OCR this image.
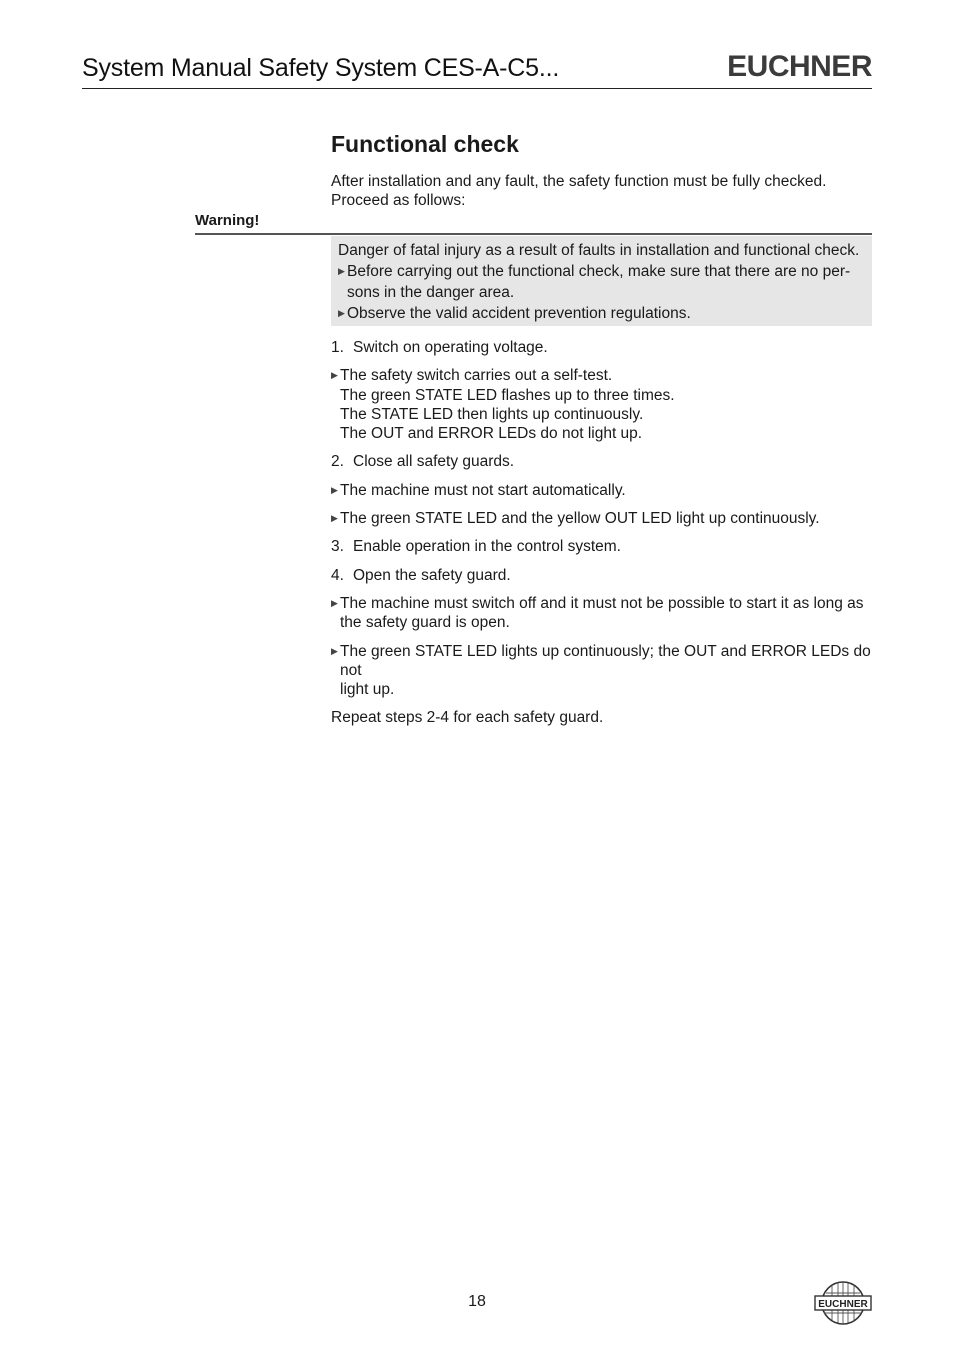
System Manual Safety System CES-A-C5...	EUCHNER
Functional check
After installation and any fault, the safety function must be fully checked. Proceed as follows:
Warning!
Danger of fatal injury as a result of faults in installation and functional check.
▶ Before carrying out the functional check, make sure that there are no per-
sons in the danger area.
▶ Observe the valid accident prevention regulations.
1. Switch on operating voltage.
▶ The safety switch carries out a self-test.
The green STATE LED flashes up to three times.
The STATE LED then lights up continuously.
The OUT and ERROR LEDs do not light up.
2. Close all safety guards.
▶ The machine must not start automatically.
▶ The green STATE LED and the yellow OUT LED light up continuously.
3. Enable operation in the control system.
4. Open the safety guard.
▶ The machine must switch off and it must not be possible to start it as long as
the safety guard is open.
▶ The green STATE LED lights up continuously; the OUT and ERROR LEDs do not
light up.
Repeat steps 2-4 for each safety guard.
18	EUCHNER
